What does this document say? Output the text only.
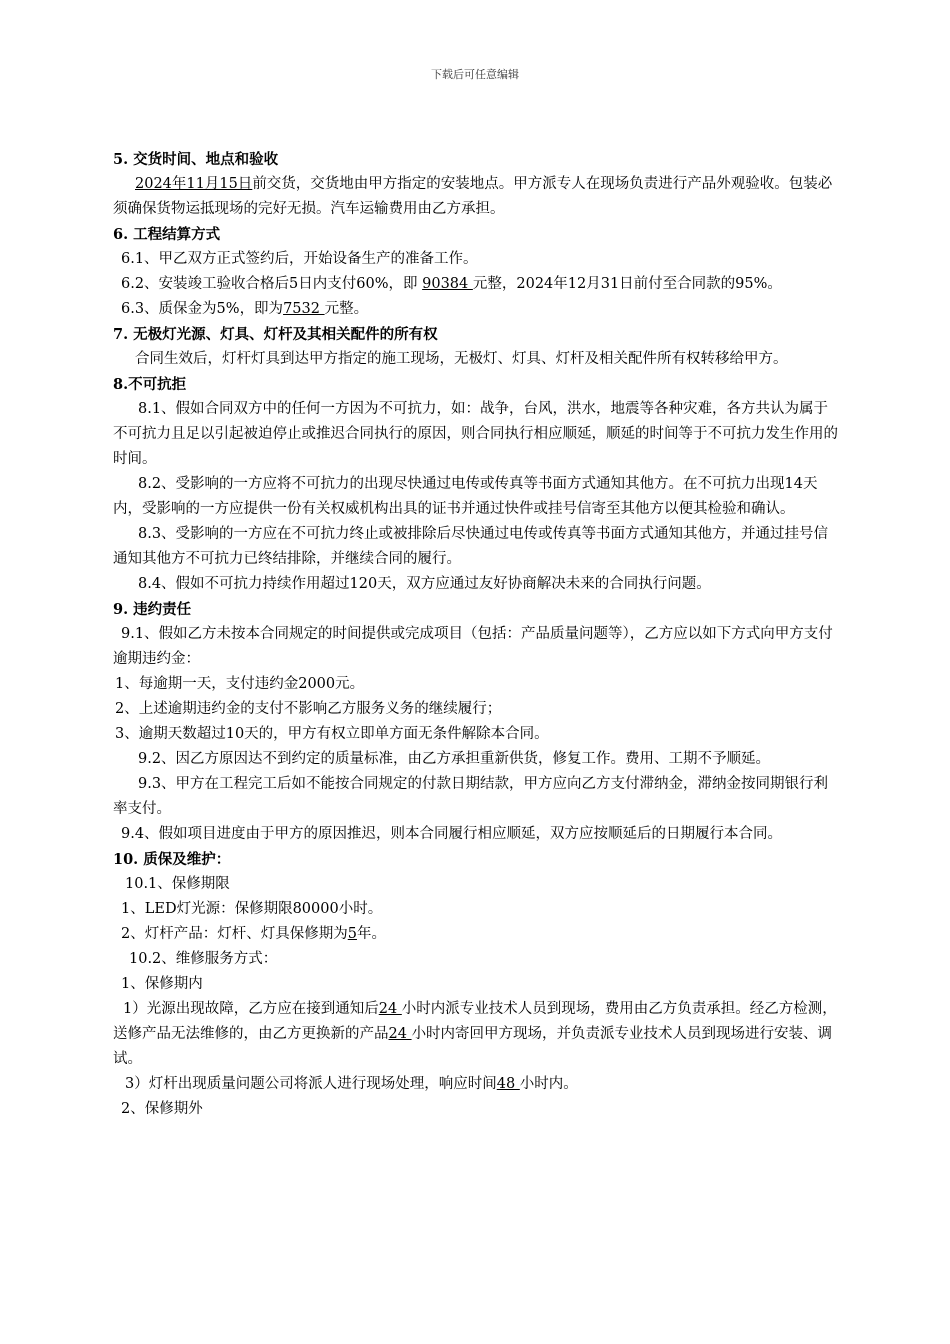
下载后可任意编辑

5. 交货时间、地点和验收

2024年11月15日前交货，交货地由甲方指定的安装地点。甲方派专人在现场负责进行产品外观验收。包装必须确保货物运抵现场的完好无损。汽车运输费用由乙方承担。

6. 工程结算方式

6.1、甲乙双方正式签约后，开始设备生产的准备工作。

6.2、安装竣工验收合格后5日内支付60%，即 90384 元整，2024年12月31日前付至合同款的95%。

6.3、质保金为5%，即为7532 元整。

7. 无极灯光源、灯具、灯杆及其相关配件的所有权

合同生效后，灯杆灯具到达甲方指定的施工现场，无极灯、灯具、灯杆及相关配件所有权转移给甲方。

8.不可抗拒

8.1、假如合同双方中的任何一方因为不可抗力，如：战争，台风，洪水，地震等各种灾难，各方共认为属于不可抗力且足以引起被迫停止或推迟合同执行的原因，则合同执行相应顺延，顺延的时间等于不可抗力发生作用的时间。

8.2、受影响的一方应将不可抗力的出现尽快通过电传或传真等书面方式通知其他方。在不可抗力出现14天内，受影响的一方应提供一份有关权威机构出具的证书并通过快件或挂号信寄至其他方以便其检验和确认。

8.3、受影响的一方应在不可抗力终止或被排除后尽快通过电传或传真等书面方式通知其他方，并通过挂号信通知其他方不可抗力已终结排除，并继续合同的履行。

8.4、假如不可抗力持续作用超过120天，双方应通过友好协商解决未来的合同执行问题。

9. 违约责任

9.1、假如乙方未按本合同规定的时间提供或完成项目（包括：产品质量问题等），乙方应以如下方式向甲方支付逾期违约金：

1、每逾期一天，支付违约金2000元。

2、上述逾期违约金的支付不影响乙方服务义务的继续履行；

3、逾期天数超过10天的，甲方有权立即单方面无条件解除本合同。

9.2、因乙方原因达不到约定的质量标准，由乙方承担重新供货，修复工作。费用、工期不予顺延。

9.3、甲方在工程完工后如不能按合同规定的付款日期结款，甲方应向乙方支付滞纳金，滞纳金按同期银行利率支付。

9.4、假如项目进度由于甲方的原因推迟，则本合同履行相应顺延，双方应按顺延后的日期履行本合同。

10. 质保及维护：

10.1、保修期限

1、LED灯光源：保修期限80000小时。

2、灯杆产品：灯杆、灯具保修期为5年。

10.2、维修服务方式：

1、保修期内

1）光源出现故障，乙方应在接到通知后24 小时内派专业技术人员到现场，费用由乙方负责承担。经乙方检测，送修产品无法维修的，由乙方更换新的产品24 小时内寄回甲方现场，并负责派专业技术人员到现场进行安装、调试。

3）灯杆出现质量问题公司将派人进行现场处理，响应时间48 小时内。

2、保修期外
